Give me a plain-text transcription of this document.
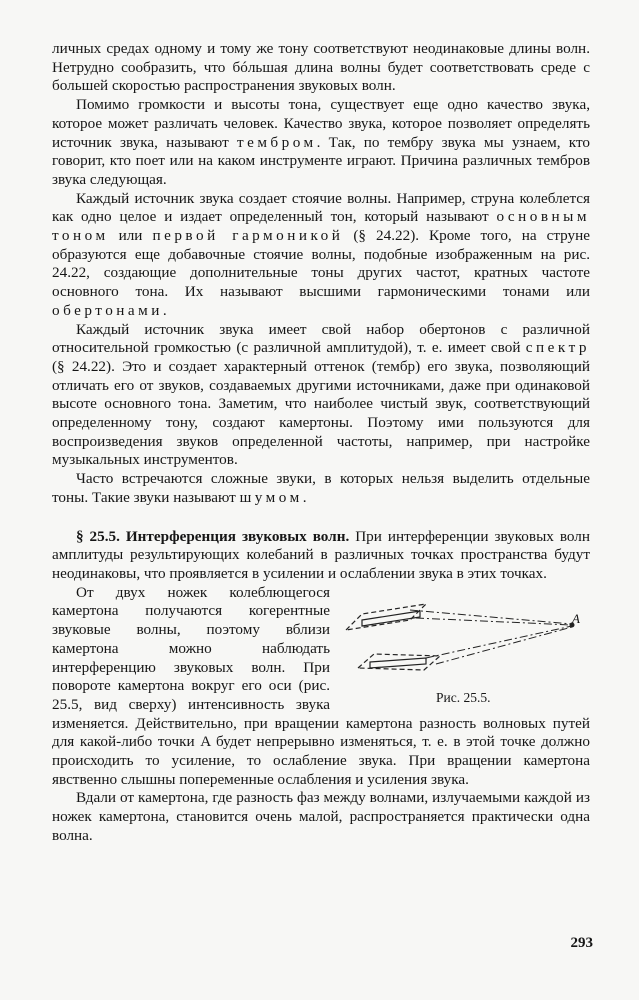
личных средах одному и тому же тону соответствуют неодинаковые длины волн. Нетрудно сообразить, что бóльшая длина волны будет соответствовать среде с большей скоростью распространения звуковых волн.

Помимо громкости и высоты тона, существует еще одно качество звука, которое может различать человек. Качество звука, которое позволяет определять источник звука, называют тембром. Так, по тембру звука мы узнаем, кто говорит, кто поет или на каком инструменте играют. Причина различных тембров звука следующая.

Каждый источник звука создает стоячие волны. Например, струна колеблется как одно целое и издает определенный тон, который называют основным тоном или первой гармоникой (§ 24.22). Кроме того, на струне образуются еще добавочные стоячие волны, подобные изображенным на рис. 24.22, создающие дополнительные тоны других частот, кратных частоте основного тона. Их называют высшими гармоническими тонами или обертонами.

Каждый источник звука имеет свой набор обертонов с различной относительной громкостью (с различной амплитудой), т. е. имеет свой спектр (§ 24.22). Это и создает характерный оттенок (тембр) его звука, позволяющий отличать его от звуков, создаваемых другими источниками, даже при одинаковой высоте основного тона. Заметим, что наиболее чистый звук, соответствующий определенному тону, создают камертоны. Поэтому ими пользуются для воспроизведения звуков определенной частоты, например, при настройке музыкальных инструментов.

Часто встречаются сложные звуки, в которых нельзя выделить отдельные тоны. Такие звуки называют шумом.

§ 25.5. Интерференция звуковых волн. При интерференции звуковых волн амплитуды результирующих колебаний в различных точках пространства будут неодинаковы, что проявляется в усилении и ослаблении звука в этих точках.

A
Рис. 25.5.

От двух ножек колеблющегося камертона получаются когерентные звуковые волны, поэтому вблизи камертона можно наблюдать интерференцию звуковых волн. При повороте камертона вокруг его оси (рис. 25.5, вид сверху) интенсивность звука изменяется. Действительно, при вращении камертона разность волновых путей для какой-либо точки A будет непрерывно изменяться, т. е. в этой точке должно происходить то усиление, то ослабление звука. При вращении камертона явственно слышны попеременные ослабления и усиления звука.

Вдали от камертона, где разность фаз между волнами, излучаемыми каждой из ножек камертона, становится очень малой, распространяется практически одна волна.

293
